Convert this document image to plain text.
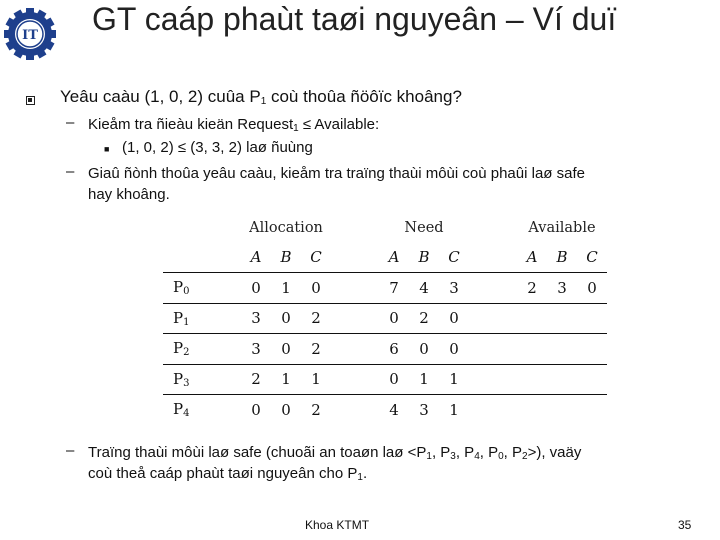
IT GT caáp phaùt taøi nguyeân – Ví duï
Yeâu caàu (1, 0, 2) cuûa $P_1$ coù thoûa ñöôïc khoâng?
– Kieåm tra ñieàu kieän Request$_1$ ≤ Available:
■ (1, 0, 2) ≤ (3, 3, 2) laø ñuùng
– Giaû ñònh thoûa yeâu caàu, kieåm tra traïng thaùi môùi coù phaûi laø safe
hay khoâng.
	Allocation				Need				Available		
	A	B	C		A	B	C		A	B	C
$P_0$	0	1	0		7	4	3		2	3	0
$P_1$	3	0	2		0	2	0				
$P_2$	3	0	2		6	0	0				
$P_3$	2	1	1		0	1	1				
$P_4$	0	0	2		4	3	1				
– Traïng thaùi môùi laø safe (chuoãi an toaøn laø $<P_1$, $P_3$, $P_4$, $P_0$, $P_2>$), vaäy
coù theå caáp phaùt taøi nguyeân cho $P_1$.
Khoa KTMT	35
